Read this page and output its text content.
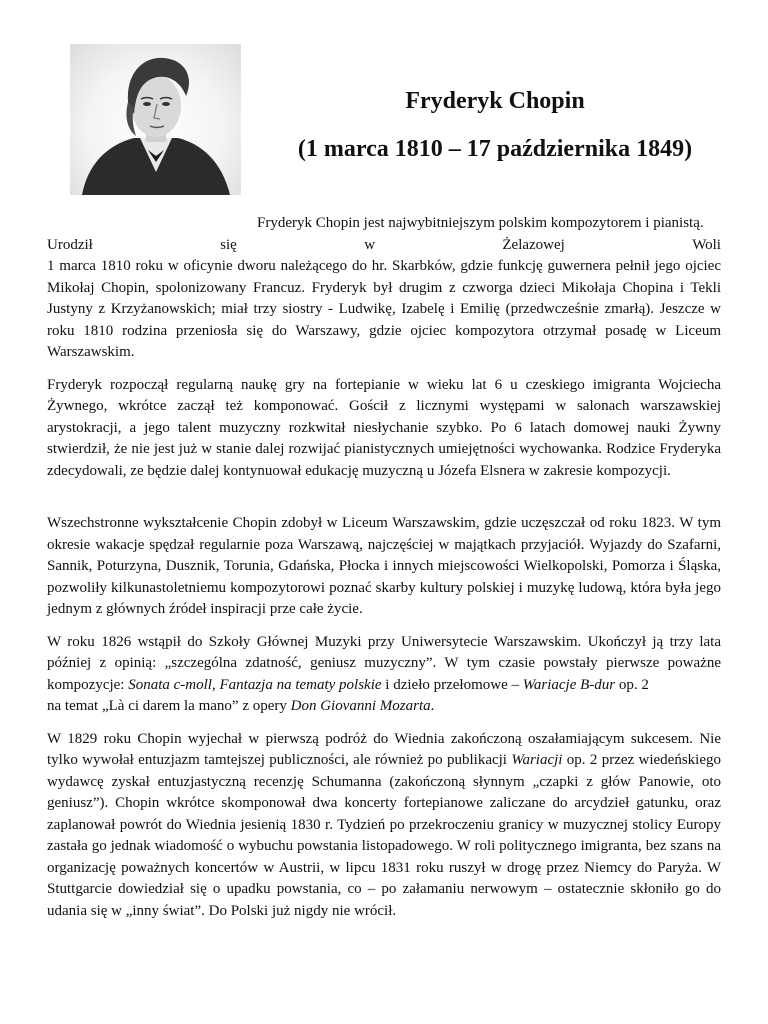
Fryderyk Chopin
(1 marca 1810 – 17 października 1849)

Fryderyk Chopin jest najwybitniejszym polskim kompozytorem i pianistą.
Urodził	się	w	Żelazowej	Woli
1 marca 1810 roku w oficynie dworu należącego do hr. Skarbków, gdzie funkcję guwernera pełnił jego ojciec Mikołaj Chopin, spolonizowany Francuz. Fryderyk był drugim z czworga dzieci Mikołaja Chopina i Tekli Justyny z Krzyżanowskich; miał trzy siostry - Ludwikę, Izabelę i Emilię (przedwcześnie zmarłą). Jeszcze w roku 1810 rodzina przeniosła się do Warszawy, gdzie ojciec kompozytora otrzymał posadę w Liceum Warszawskim.

Fryderyk rozpoczął regularną naukę gry na fortepianie w wieku lat 6 u czeskiego imigranta Wojciecha Żywnego, wkrótce zaczął też komponować. Gościł z licznymi występami w salonach warszawskiej arystokracji, a jego talent muzyczny rozkwitał niesłychanie szybko. Po 6 latach domowej nauki Żywny stwierdził, że nie jest już w stanie dalej rozwijać pianistycznych umiejętności wychowanka. Rodzice Fryderyka zdecydowali, ze będzie dalej kontynuował edukację muzyczną u Józefa Elsnera w zakresie kompozycji.

Wszechstronne wykształcenie Chopin zdobył w Liceum Warszawskim, gdzie uczęszczał od roku 1823. W tym okresie wakacje spędzał regularnie poza Warszawą, najczęściej w majątkach przyjaciół. Wyjazdy do Szafarni, Sannik, Poturzyna, Dusznik, Torunia, Gdańska, Płocka i innych miejscowości Wielkopolski, Pomorza i Śląska, pozwoliły kilkunastoletniemu kompozytorowi poznać skarby kultury polskiej i muzykę ludową, która była jego jednym z głównych źródeł inspiracji prze całe życie.

W roku 1826 wstąpił do Szkoły Głównej Muzyki przy Uniwersytecie Warszawskim. Ukończył ją trzy lata później z opinią: „szczególna zdatność, geniusz muzyczny”. W tym czasie powstały pierwsze poważne kompozycje: Sonata c-moll, Fantazja na tematy polskie i dzieło przełomowe – Wariacje B-dur op. 2
na temat „Là ci darem la mano” z opery Don Giovanni Mozarta.

W 1829 roku Chopin wyjechał w pierwszą podróż do Wiednia zakończoną oszałamiającym sukcesem. Nie tylko wywołał entuzjazm tamtejszej publiczności, ale również po publikacji Wariacji op. 2 przez wiedeńskiego wydawcę zyskał entuzjastyczną recenzję Schumanna (zakończoną słynnym „czapki z głów Panowie, oto geniusz”). Chopin wkrótce skomponował dwa koncerty fortepianowe zaliczane do arcydzieł gatunku, oraz zaplanował powrót do Wiednia jesienią 1830 r. Tydzień po przekroczeniu granicy w muzycznej stolicy Europy zastała go jednak wiadomość o wybuchu powstania listopadowego. W roli politycznego imigranta, bez szans na organizację poważnych koncertów w Austrii, w lipcu 1831 roku ruszył w drogę przez Niemcy do Paryża. W Stuttgarcie dowiedział się o upadku powstania, co – po załamaniu nerwowym – ostatecznie skłoniło go do udania się w „inny świat”. Do Polski już nigdy nie wrócił.
